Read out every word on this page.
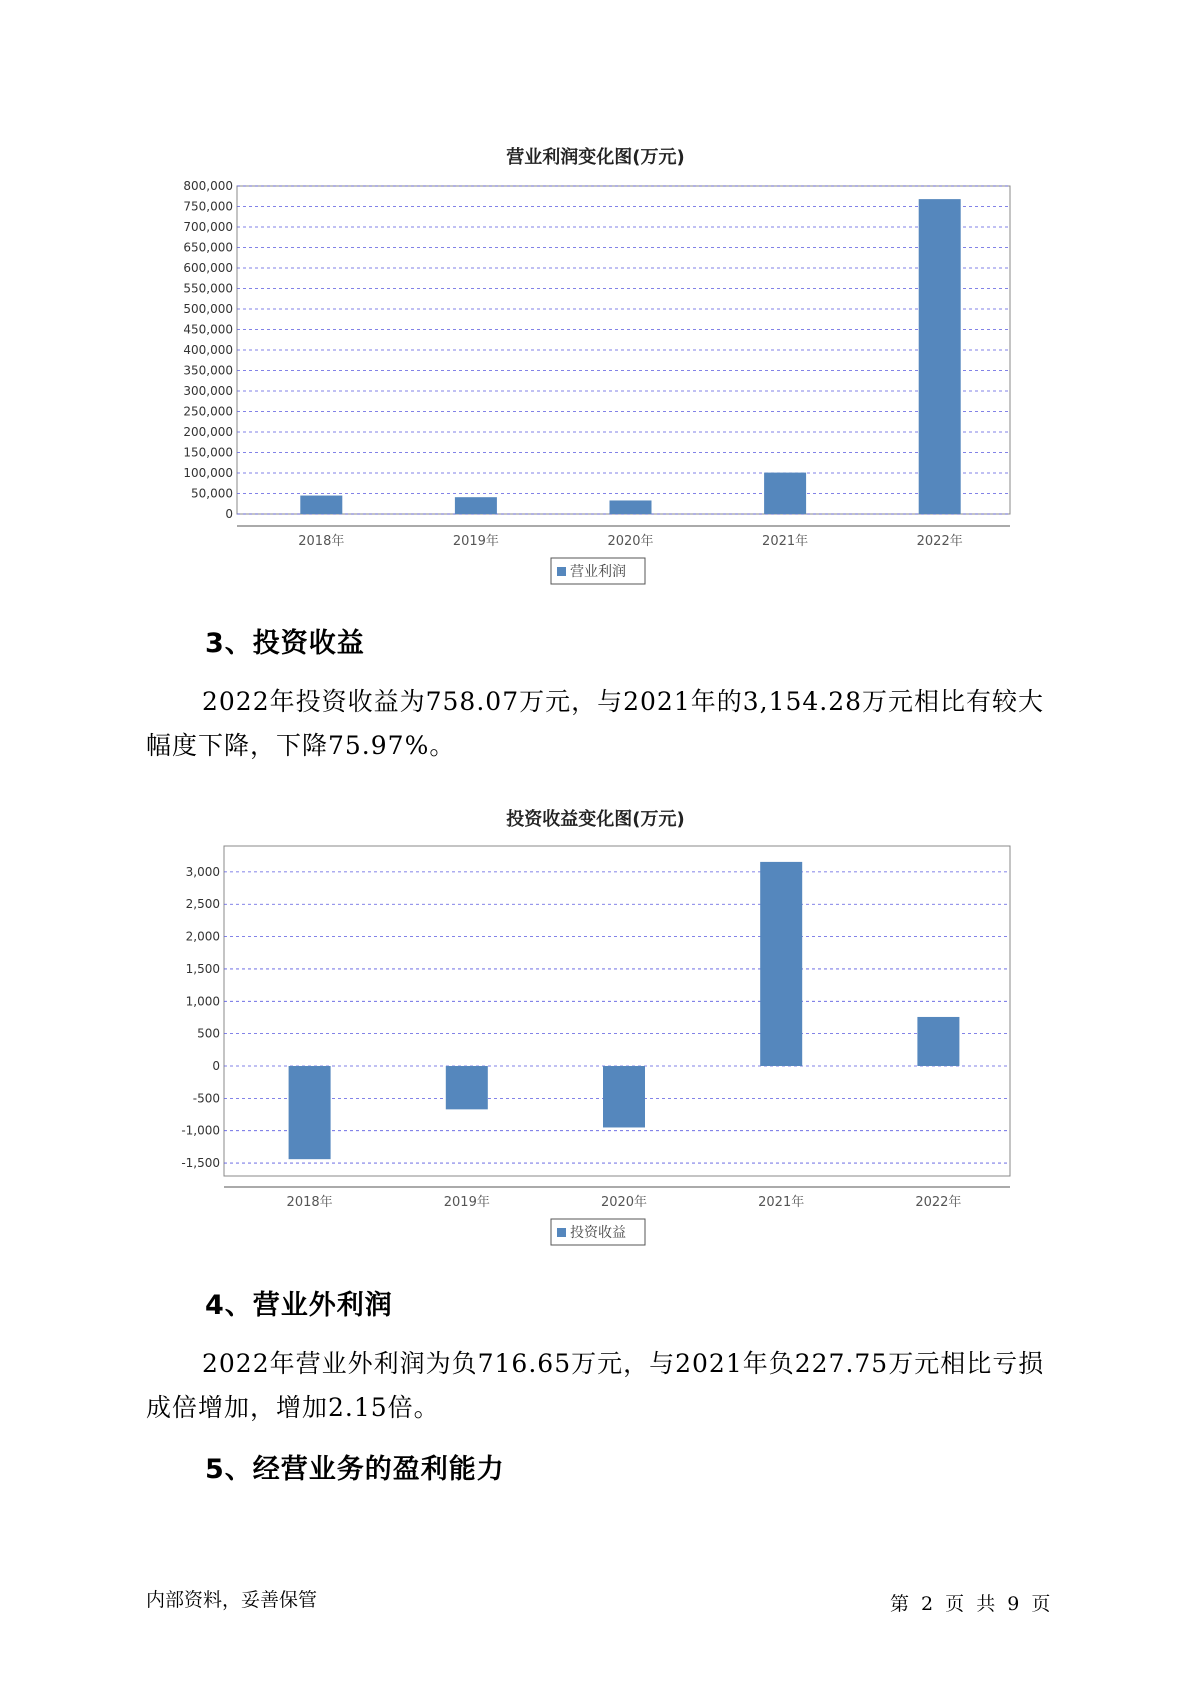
营业利润变化图(万元)
0
50,000
100,000
150,000
200,000
250,000
300,000
350,000
400,000
450,000
500,000
550,000
600,000
650,000
700,000
750,000
800,000
2018年	2019年	2020年	2021年	2022年
营业利润
3、投资收益

2022年投资收益为758.07万元，与2021年的3,154.28万元相比有较大幅度下降，下降75.97%。

投资收益变化图(万元)
-1,500
-1,000
-500
0
500
1,000
1,500
2,000
2,500
3,000
2018年	2019年	2020年	2021年	2022年
投资收益
4、营业外利润

2022年营业外利润为负716.65万元，与2021年负227.75万元相比亏损成倍增加，增加2.15倍。

5、经营业务的盈利能力
内部资料，妥善保管	第 2 页 共 9 页
